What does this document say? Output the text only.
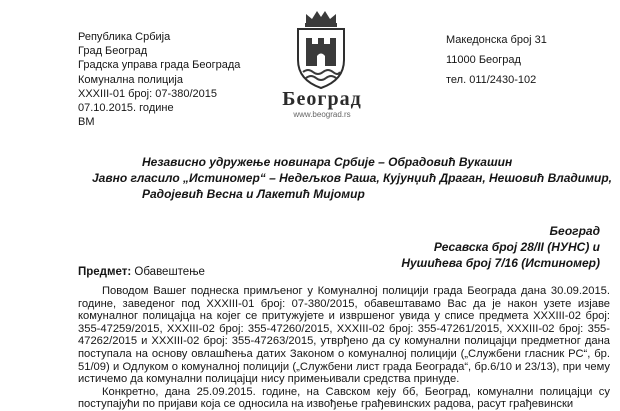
Република Србија
Град Београд
Градска управа града Београда
Комунална полиција
XXXIII-01 број: 07-380/2015
07.10.2015. године
ВМ
Београд
www.beograd.rs
Македонска број 31
11000 Београд
тел. 011/2430-102
Независно удружење новинара Србије – Обрадовић Вукашин
Јавно гласило „Истиномер“ – Недељков Раша, Кујунџић Драган, Нешовић Владимир,
Радојевић Весна и Лакетић Мијомир
Београд
Ресавска број 28/II (НУНС) и
Нушићева број 7/16 (Истиномер)
Предмет: Обавештење

Поводом Вашег поднеска примљеног у Комуналној полицији града Београда дана 30.09.2015. године, заведеног под XXXIII-01 број: 07-380/2015, обавештавамо Вас да је након узете изјаве комуналног полицајца на којег се притужујете и извршеног увида у списе предмета XXXIII-02 број: 355-47259/2015, XXXIII-02 број: 355-47260/2015, XXXIII-02 број: 355-47261/2015, XXXIII-02 број: 355-47262/2015 и XXXIII-02 број: 355-47263/2015, утврђено да су комунални полицајци предметног дана поступала на основу овлашћења датих Законом о комуналној полицији („Службени гласник РС“, бр. 51/09) и Одлуком о комуналној полицији („Службени лист града Београда“, бр.6/10 и 23/13), при чему истичемо да комунални полицајци нису примењивали средства принуде.

Конкретно, дана 25.09.2015. године, на Савском кеју бб, Београд, комунални полицајци су поступајући по пријави која се односила на извођење грађевинских радова, расут грађевински
